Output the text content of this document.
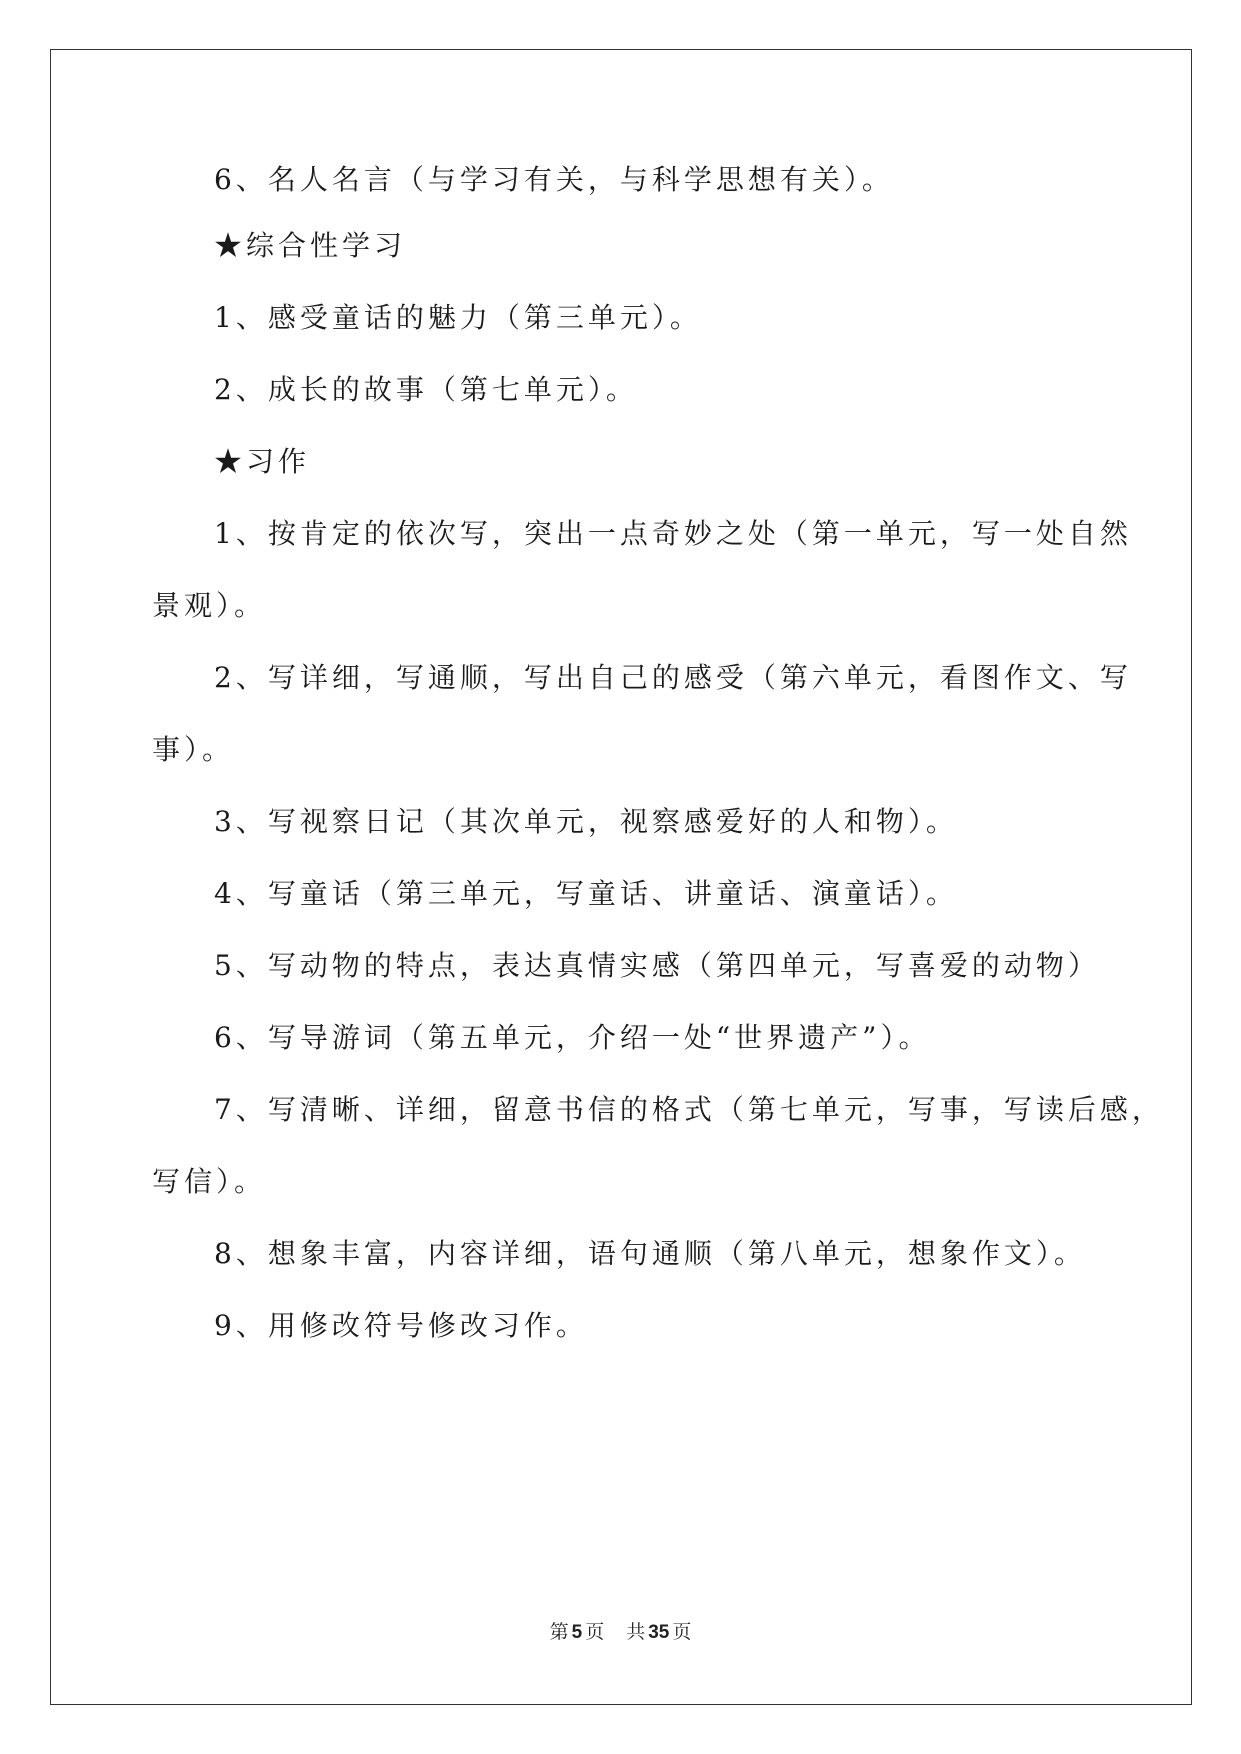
6、名人名言（与学习有关，与科学思想有关）。
★综合性学习
1、感受童话的魅力（第三单元）。
2、成长的故事（第七单元）。
★习作
1、按肯定的依次写，突出一点奇妙之处（第一单元，写一处自然
景观）。
2、写详细，写通顺，写出自己的感受（第六单元，看图作文、写
事）。
3、写视察日记（其次单元，视察感爱好的人和物）。
4、写童话（第三单元，写童话、讲童话、演童话）。
5、写动物的特点，表达真情实感（第四单元，写喜爱的动物）
6、写导游词（第五单元，介绍一处“世界遗产”）。
7、写清晰、详细，留意书信的格式（第七单元，写事，写读后感，
写信）。
8、想象丰富，内容详细，语句通顺（第八单元，想象作文）。
9、用修改符号修改习作。
第 5 页 共 35 页
